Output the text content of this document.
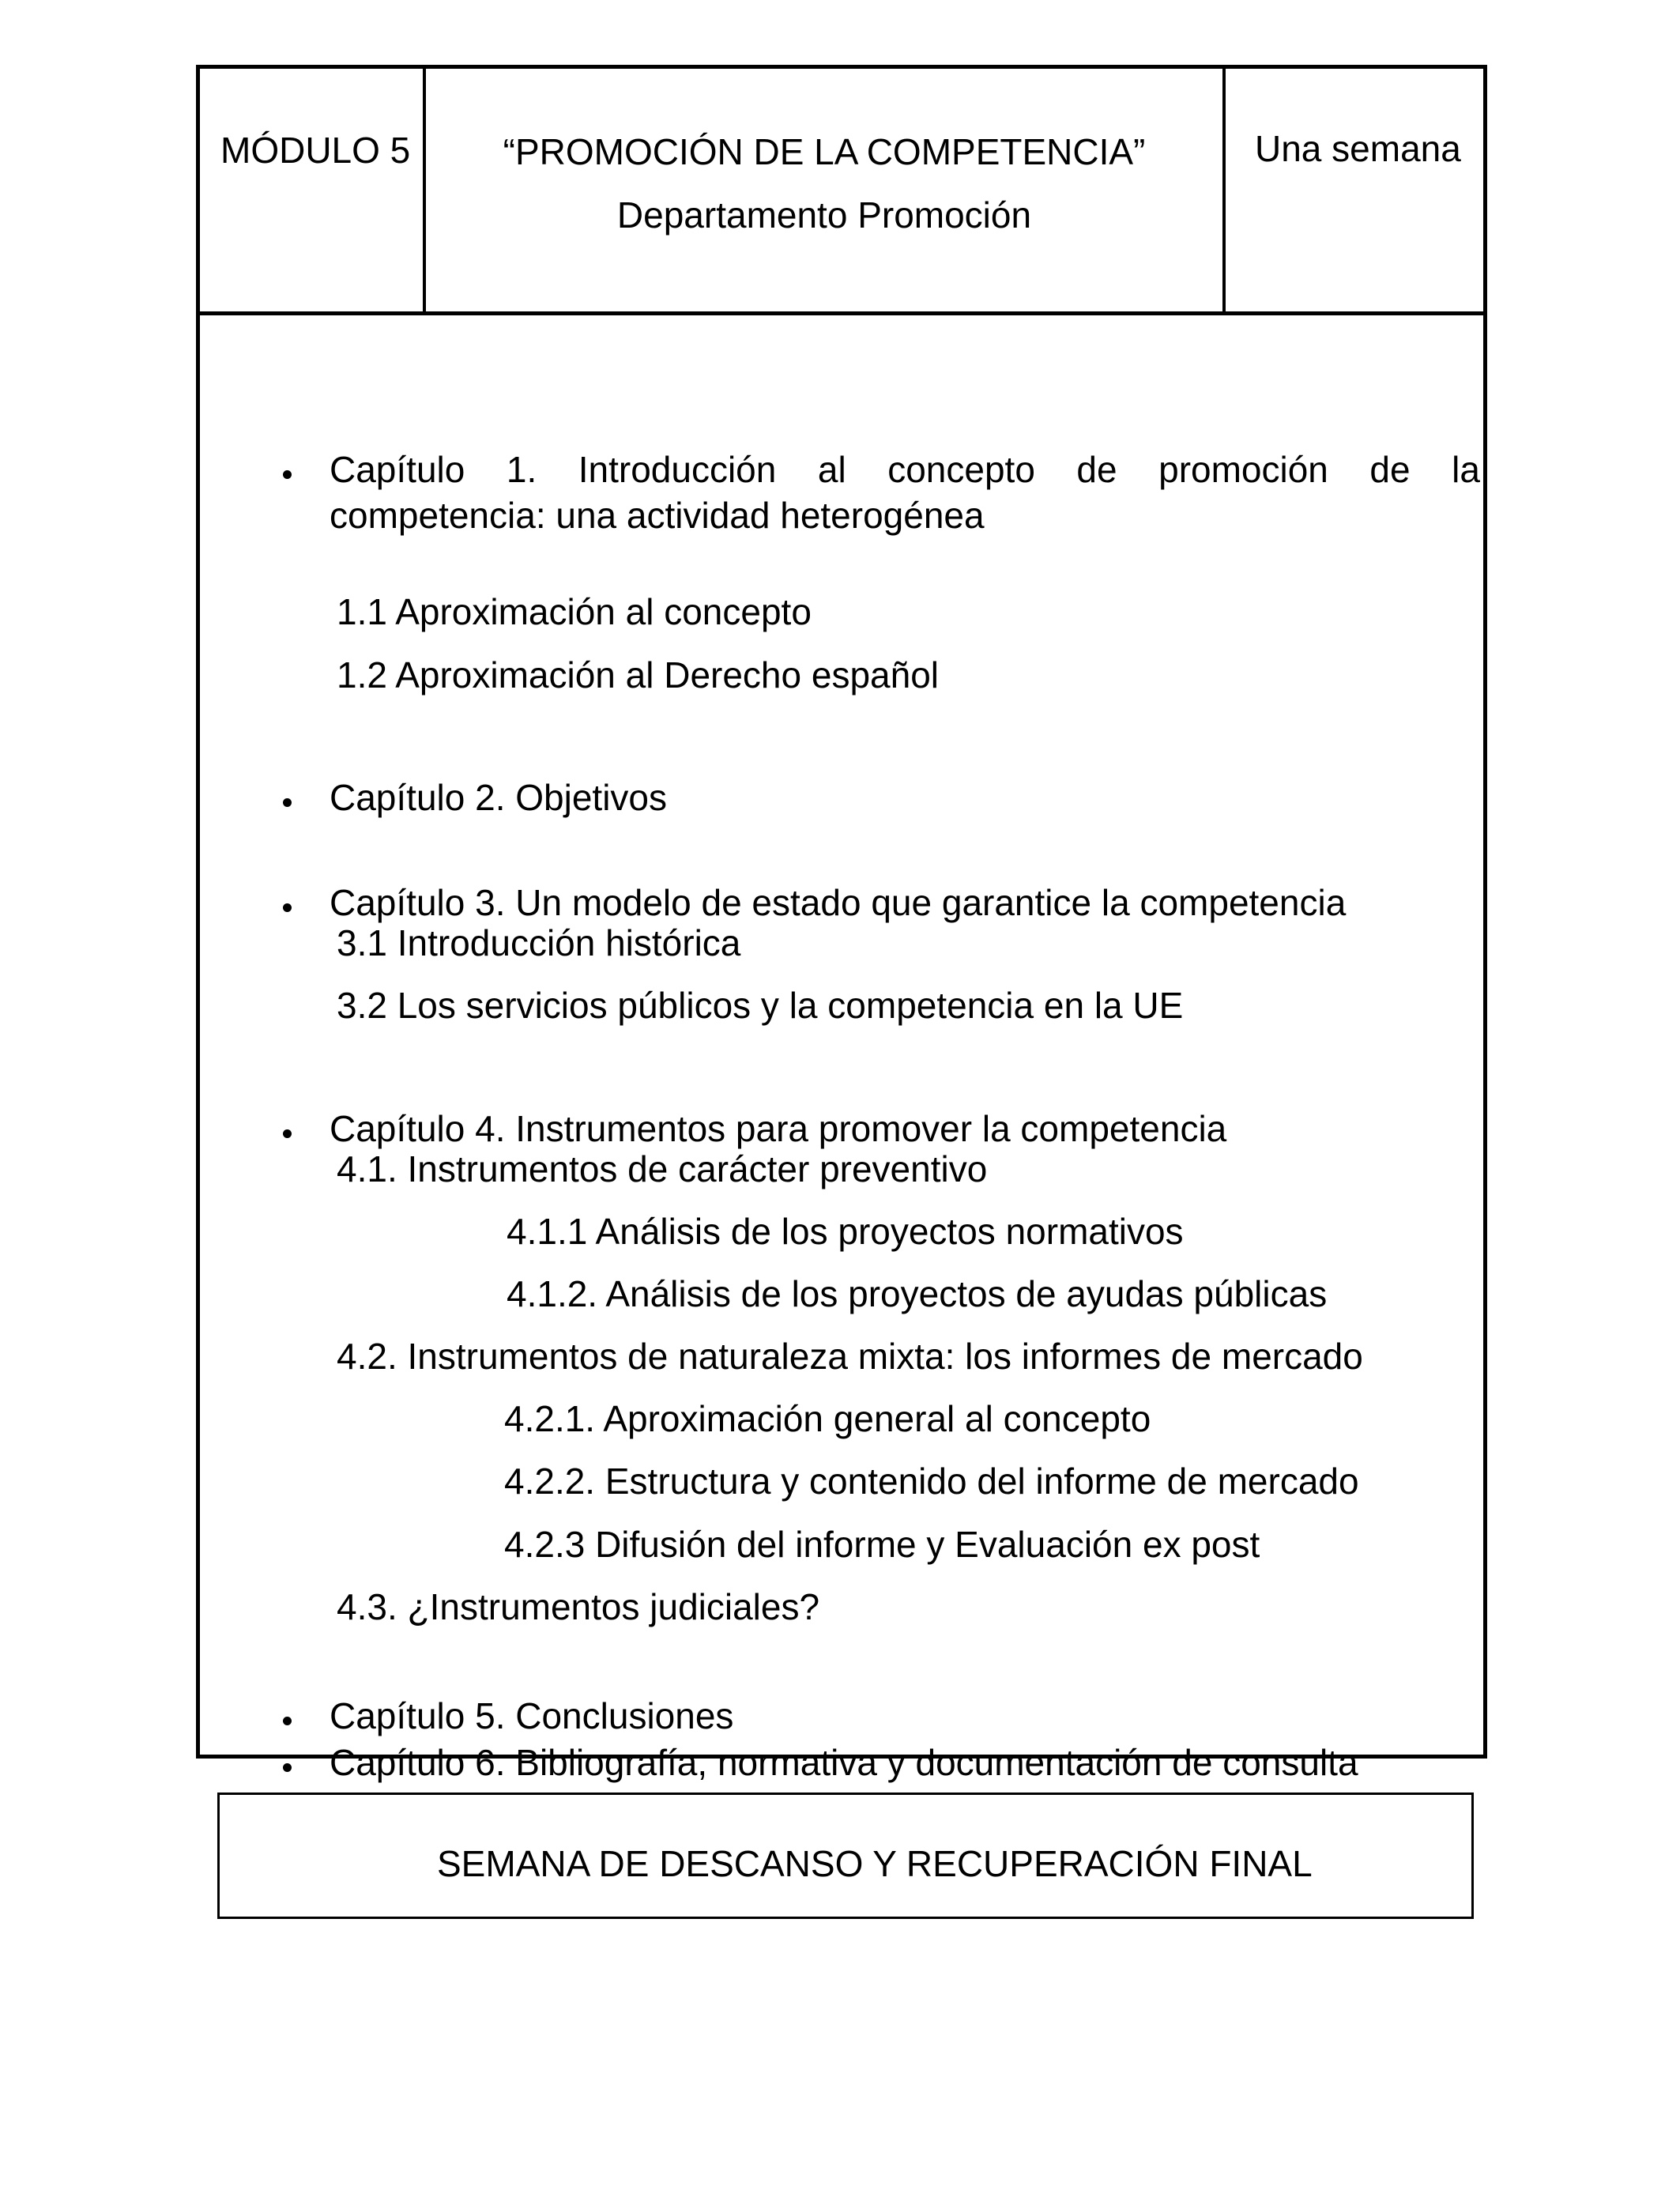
MÓDULO 5	“PROMOCIÓN DE LA COMPETENCIA”
Departamento Promoción
Una semana
Capítulo 1. Introducción al concepto de promoción de la
competencia: una actividad heterogénea
1.1 Aproximación al concepto
1.2 Aproximación al Derecho español
Capítulo 2. Objetivos
Capítulo 3. Un modelo de estado que garantice la competencia
3.1 Introducción histórica
3.2 Los servicios públicos y la competencia en la UE
Capítulo 4. Instrumentos para promover la competencia
4.1. Instrumentos de carácter preventivo
4.1.1 Análisis de los proyectos normativos
4.1.2. Análisis de los proyectos de ayudas públicas
4.2. Instrumentos de naturaleza mixta: los informes de mercado
4.2.1. Aproximación general al concepto
4.2.2. Estructura y contenido del informe de mercado
4.2.3 Difusión del informe y Evaluación ex post
4.3. ¿Instrumentos judiciales?
Capítulo 5. Conclusiones
Capítulo 6. Bibliografía, normativa y documentación de consulta
SEMANA DE DESCANSO Y RECUPERACIÓN FINAL
